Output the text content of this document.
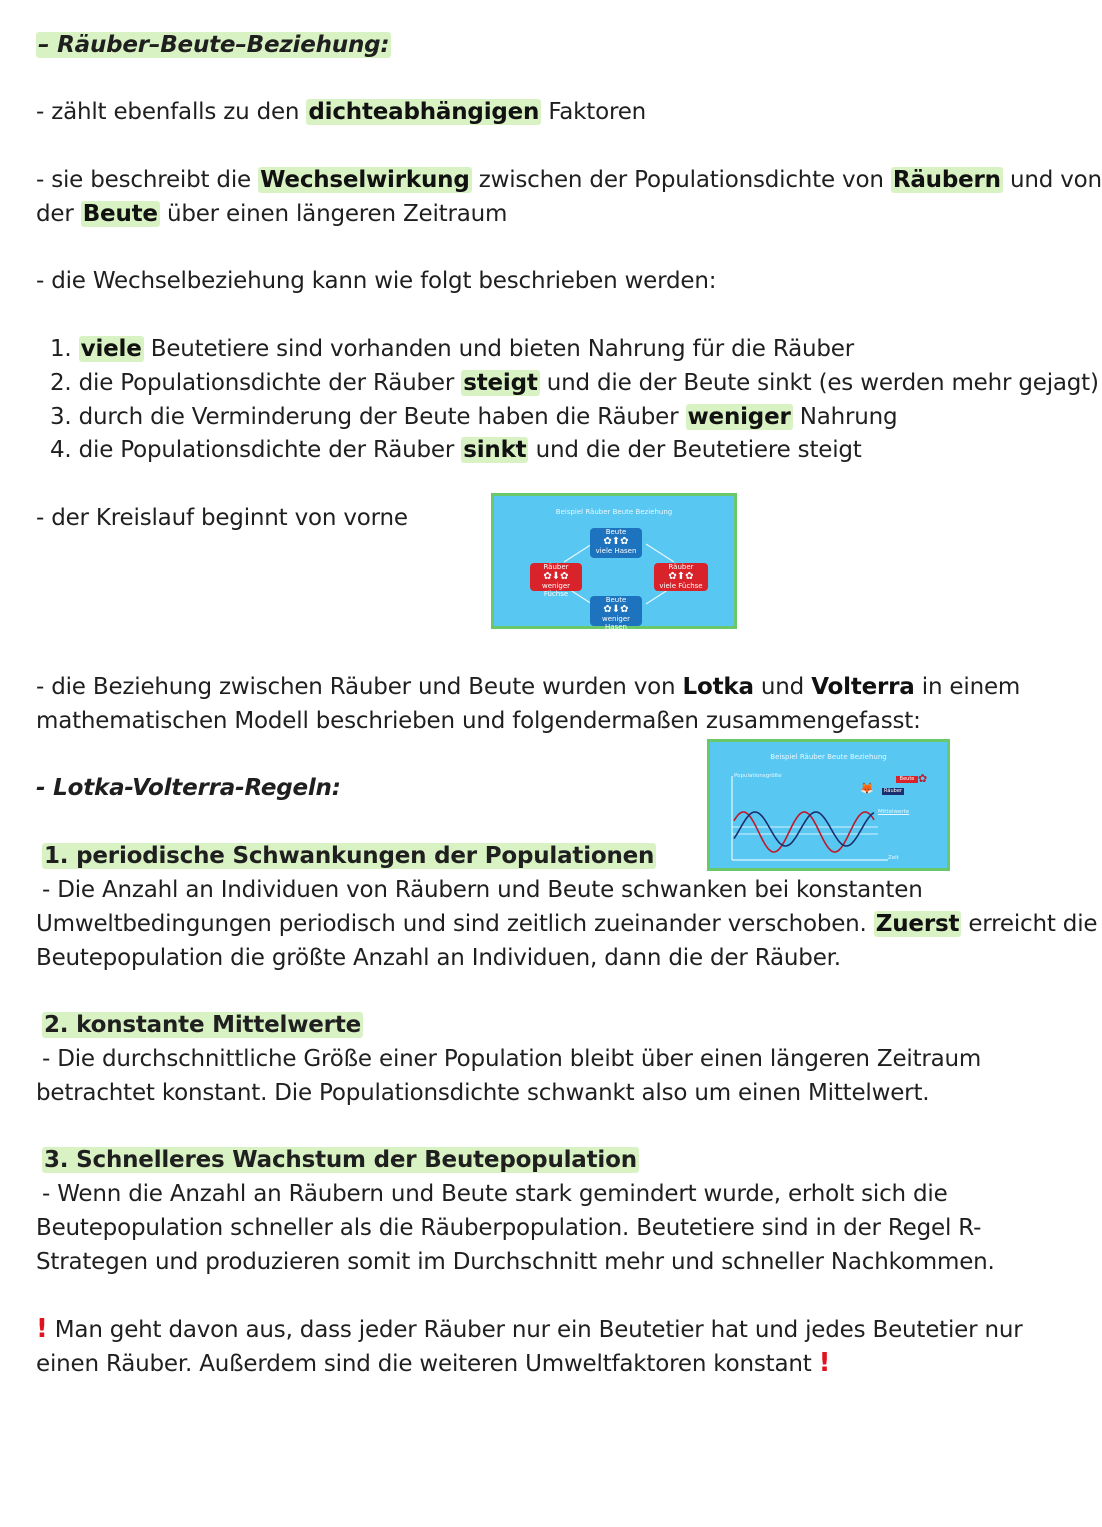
– Räuber–Beute–Beziehung:
- zählt ebenfalls zu den dichteabhängigen Faktoren
- sie beschreibt die Wechselwirkung zwischen der Populationsdichte von Räubern und von
der Beute über einen längeren Zeitraum
- die Wechselbeziehung kann wie folgt beschrieben werden:
1. viele Beutetiere sind vorhanden und bieten Nahrung für die Räuber
2. die Populationsdichte der Räuber steigt und die der Beute sinkt (es werden mehr gejagt)
3. durch die Verminderung der Beute haben die Räuber weniger Nahrung
4. die Populationsdichte der Räuber sinkt und die der Beutetiere steigt
- der Kreislauf beginnt von vorne	Beispiel Räuber Beute Beziehung
Beute
✿⬆✿
viele Hasen
Räuber
✿⬇✿
weniger Füchse
Räuber
✿⬆✿
viele Füchse
Beute
✿⬇✿
weniger Hasen
- die Beziehung zwischen Räuber und Beute wurden von Lotka und Volterra in einem
mathematischen Modell beschrieben und folgendermaßen zusammengefasst:
Beispiel Räuber Beute Beziehung
Populationsgröße
Zeit
Beute
Räuber
🦊
✿
Mittelwerte
- Lotka-Volterra-Regeln:
1. periodische Schwankungen der Populationen
- Die Anzahl an Individuen von Räubern und Beute schwanken bei konstanten
Umweltbedingungen periodisch und sind zeitlich zueinander verschoben. Zuerst erreicht die
Beutepopulation die größte Anzahl an Individuen, dann die der Räuber.
2. konstante Mittelwerte
- Die durchschnittliche Größe einer Population bleibt über einen längeren Zeitraum
betrachtet konstant. Die Populationsdichte schwankt also um einen Mittelwert.
3. Schnelleres Wachstum der Beutepopulation
- Wenn die Anzahl an Räubern und Beute stark gemindert wurde, erholt sich die
Beutepopulation schneller als die Räuberpopulation. Beutetiere sind in der Regel R-
Strategen und produzieren somit im Durchschnitt mehr und schneller Nachkommen.
! Man geht davon aus, dass jeder Räuber nur ein Beutetier hat und jedes Beutetier nur
einen Räuber. Außerdem sind die weiteren Umweltfaktoren konstant !
